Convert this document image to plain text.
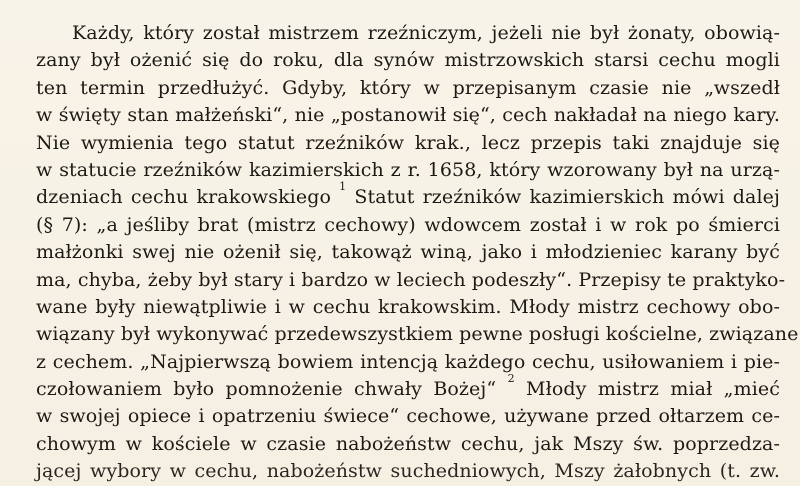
Każdy, który został mistrzem rzeźniczym, jeżeli nie był żonaty, obowią-
zany był ożenić się do roku, dla synów mistrzowskich starsi cechu mogli
ten termin przedłużyć. Gdyby, który w przepisanym czasie nie „wszedł
w święty stan małżeński“, nie „postanowił się“, cech nakładał na niego kary.
Nie wymienia tego statut rzeźników krak., lecz przepis taki znajduje się
w statucie rzeźników kazimierskich z r. 1658, który wzorowany był na urzą-
dzeniach cechu krakowskiego $^1$ Statut rzeźników kazimierskich mówi dalej
(§ 7): „a jeśliby brat (mistrz cechowy) wdowcem został i w rok po śmierci
małżonki swej nie ożenił się, takowąż winą, jako i młodzieniec karany być
ma, chyba, żeby był stary i bardzo w leciech podeszły“. Przepisy te praktyko-
wane były niewątpliwie i w cechu krakowskim. Młody mistrz cechowy obo-
wiązany był wykonywać przedewszystkiem pewne posługi kościelne, związane
z cechem. „Najpierwszą bowiem intencją każdego cechu, usiłowaniem i pie-
czołowaniem było pomnożenie chwały Bożej“ $^2$ Młody mistrz miał „mieć
w swojej opiece i opatrzeniu świece“ cechowe, używane przed ołtarzem ce-
chowym w kościele w czasie nabożeństw cechu, jak Mszy św. poprzedza-
jącej wybory w cechu, nabożeństw suchedniowych, Mszy żałobnych (t. zw.
